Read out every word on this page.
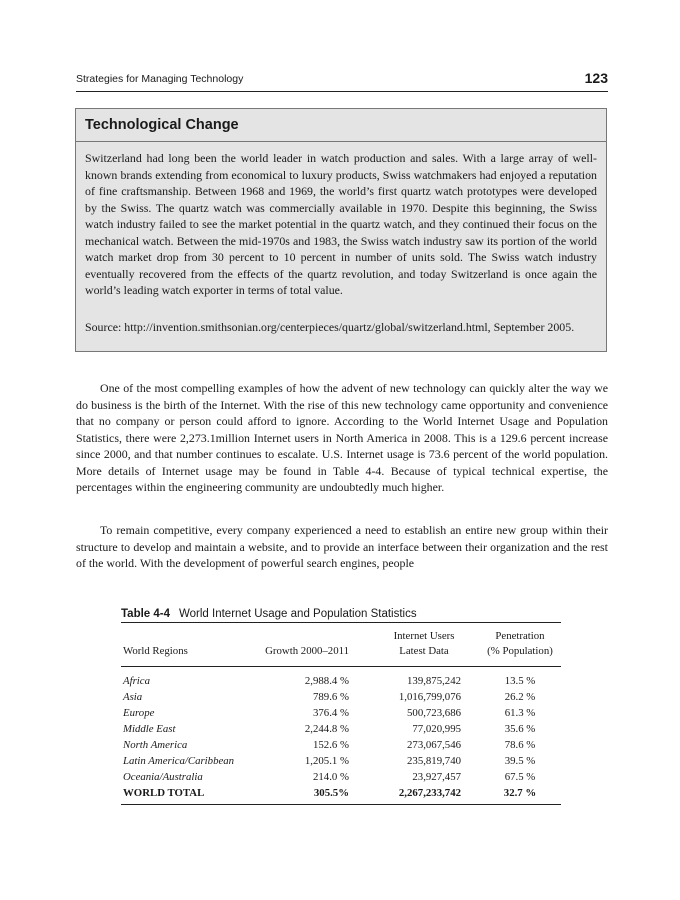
Strategies for Managing Technology	123
Technological Change
Switzerland had long been the world leader in watch production and sales. With a large array of well-known brands extending from economical to luxury products, Swiss watchmakers had enjoyed a reputation of fine craftsmanship. Between 1968 and 1969, the world’s first quartz watch prototypes were developed by the Swiss. The quartz watch was commercially available in 1970. Despite this beginning, the Swiss watch industry failed to see the market potential in the quartz watch, and they continued their focus on the mechanical watch. Between the mid-1970s and 1983, the Swiss watch industry saw its portion of the world watch market drop from 30 percent to 10 percent in number of units sold. The Swiss watch industry eventually recovered from the effects of the quartz revolution, and today Switzerland is once again the world’s leading watch exporter in terms of total value.
Source: http://invention.smithsonian.org/centerpieces/quartz/global/switzerland.html, September 2005.

One of the most compelling examples of how the advent of new technology can quickly alter the way we do business is the birth of the Internet. With the rise of this new technology came opportunity and convenience that no company or person could afford to ignore. According to the World Internet Usage and Population Statistics, there were 2,273.1million Internet users in North America in 2008. This is a 129.6 percent increase since 2000, and that number continues to escalate. U.S. Internet usage is 73.6 percent of the world population. More details of Internet usage may be found in Table 4-4. Because of typical technical expertise, the percentages within the engineering community are undoubtedly much higher.

To remain competitive, every company experienced a need to establish an entire new group within their structure to develop and maintain a website, and to provide an interface between their organization and the rest of the world. With the development of powerful search engines, people

Table 4-4 World Internet Usage and Population Statistics
		Internet Users	Penetration
World Regions	Growth 2000–2011	Latest Data	(% Population)
Africa	2,988.4 %	139,875,242	13.5 %
Asia	789.6 %	1,016,799,076	26.2 %
Europe	376.4 %	500,723,686	61.3 %
Middle East	2,244.8 %	77,020,995	35.6 %
North America	152.6 %	273,067,546	78.6 %
Latin America/Caribbean	1,205.1 %	235,819,740	39.5 %
Oceania/Australia	214.0 %	23,927,457	67.5 %
WORLD TOTAL	305.5%	2,267,233,742	32.7 %
